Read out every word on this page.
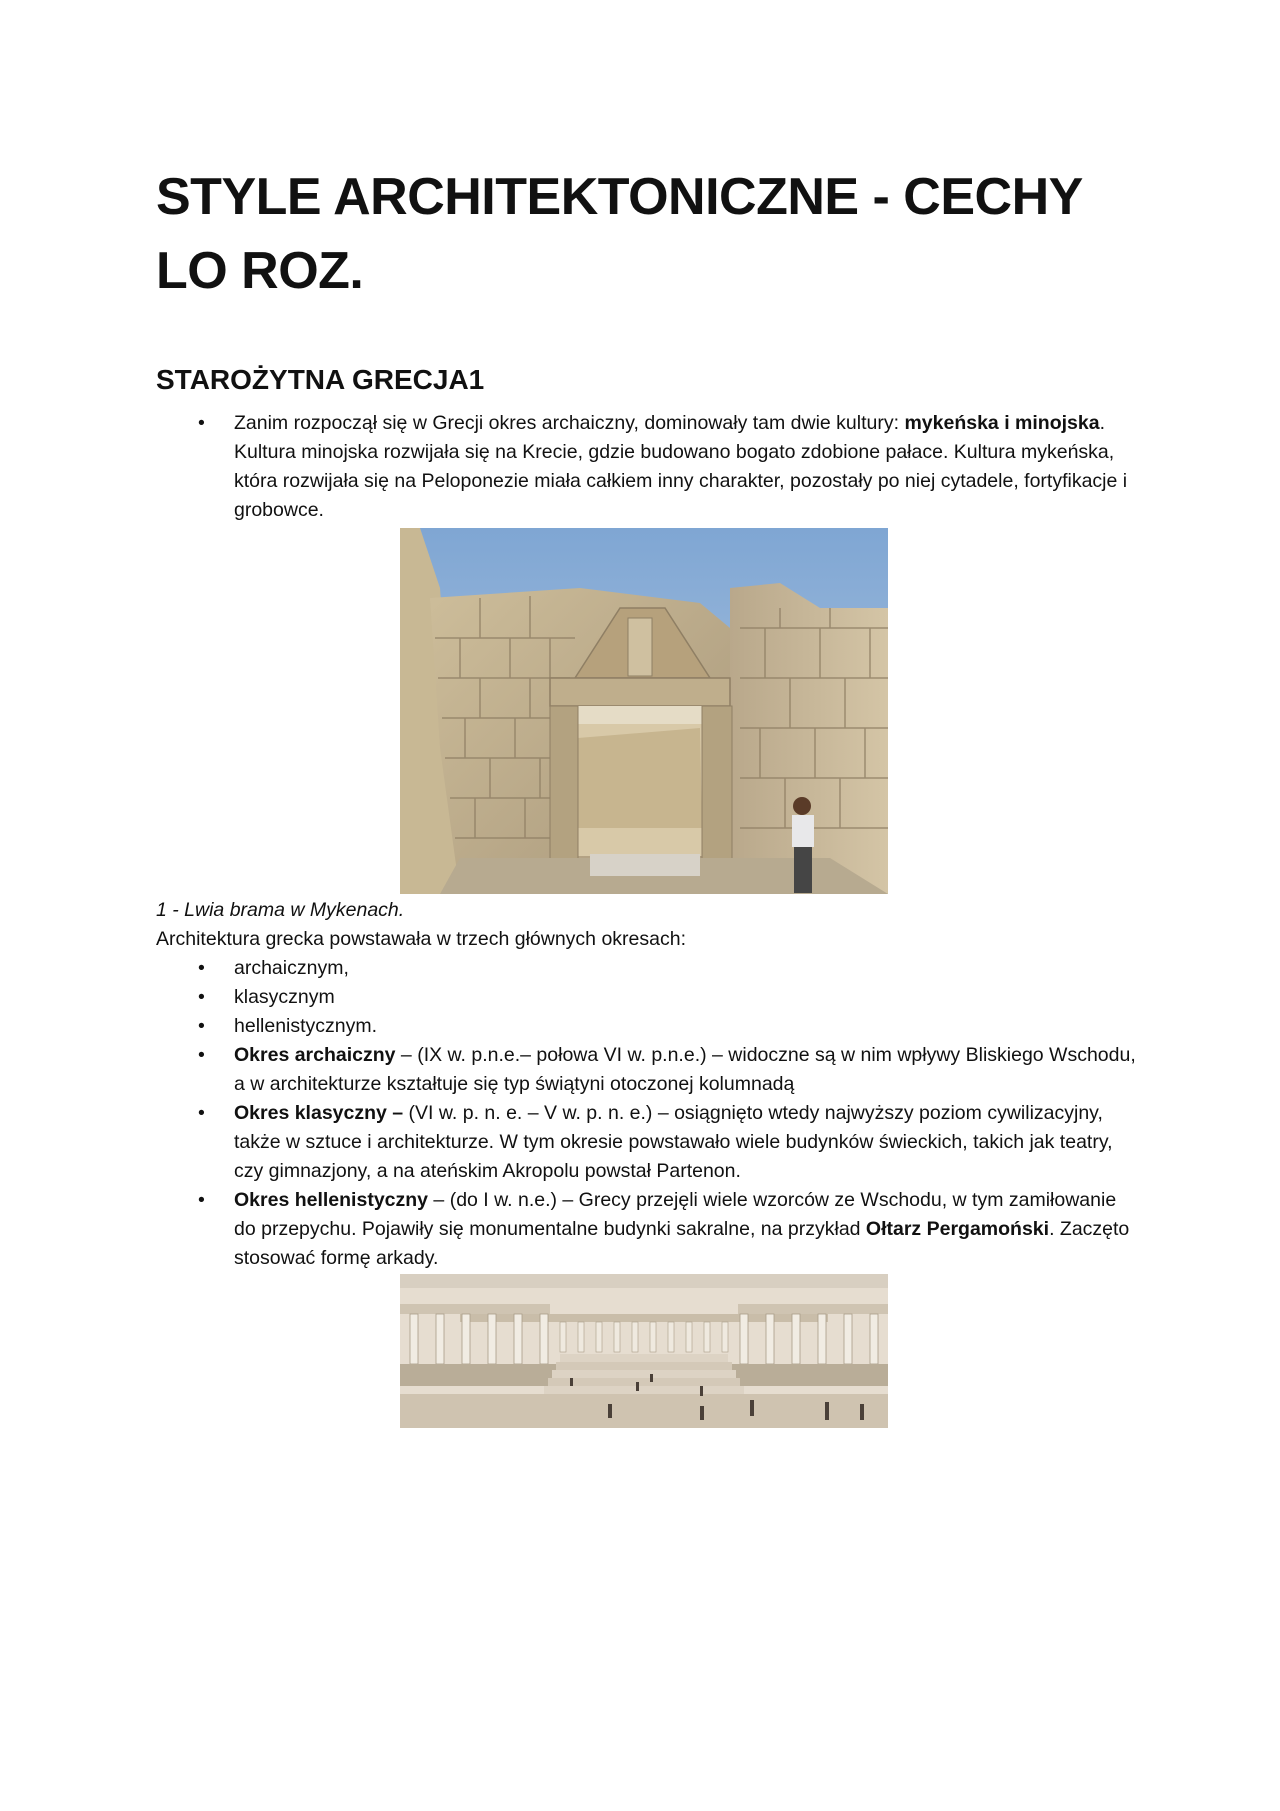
STYLE ARCHITEKTONICZNE - CECHY LO ROZ.
STAROŻYTNA GRECJA1
• Zanim rozpoczął się w Grecji okres archaiczny, dominowały tam dwie kultury: mykeńska i minojska. Kultura minojska rozwijała się na Krecie, gdzie budowano bogato zdobione pałace. Kultura mykeńska, która rozwijała się na Peloponezie miała całkiem inny charakter, pozostały po niej cytadele, fortyfikacje i grobowce.
1 - Lwia brama w Mykenach.
Architektura grecka powstawała w trzech głównych okresach:
• archaicznym,
• klasycznym
• hellenistycznym.
• Okres archaiczny – (IX w. p.n.e.– połowa VI w. p.n.e.) – widoczne są w nim wpływy Bliskiego Wschodu, a w architekturze kształtuje się typ świątyni otoczonej kolumnadą
• Okres klasyczny – (VI w. p. n. e. – V w. p. n. e.) – osiągnięto wtedy najwyższy poziom cywilizacyjny, także w sztuce i architekturze. W tym okresie powstawało wiele budynków świeckich, takich jak teatry, czy gimnazjony, a na ateńskim Akropolu powstał Partenon.
• Okres hellenistyczny – (do I w. n.e.) – Grecy przejęli wiele wzorców ze Wschodu, w tym zamiłowanie do przepychu. Pojawiły się monumentalne budynki sakralne, na przykład Ołtarz Pergamoński. Zaczęto stosować formę arkady.
